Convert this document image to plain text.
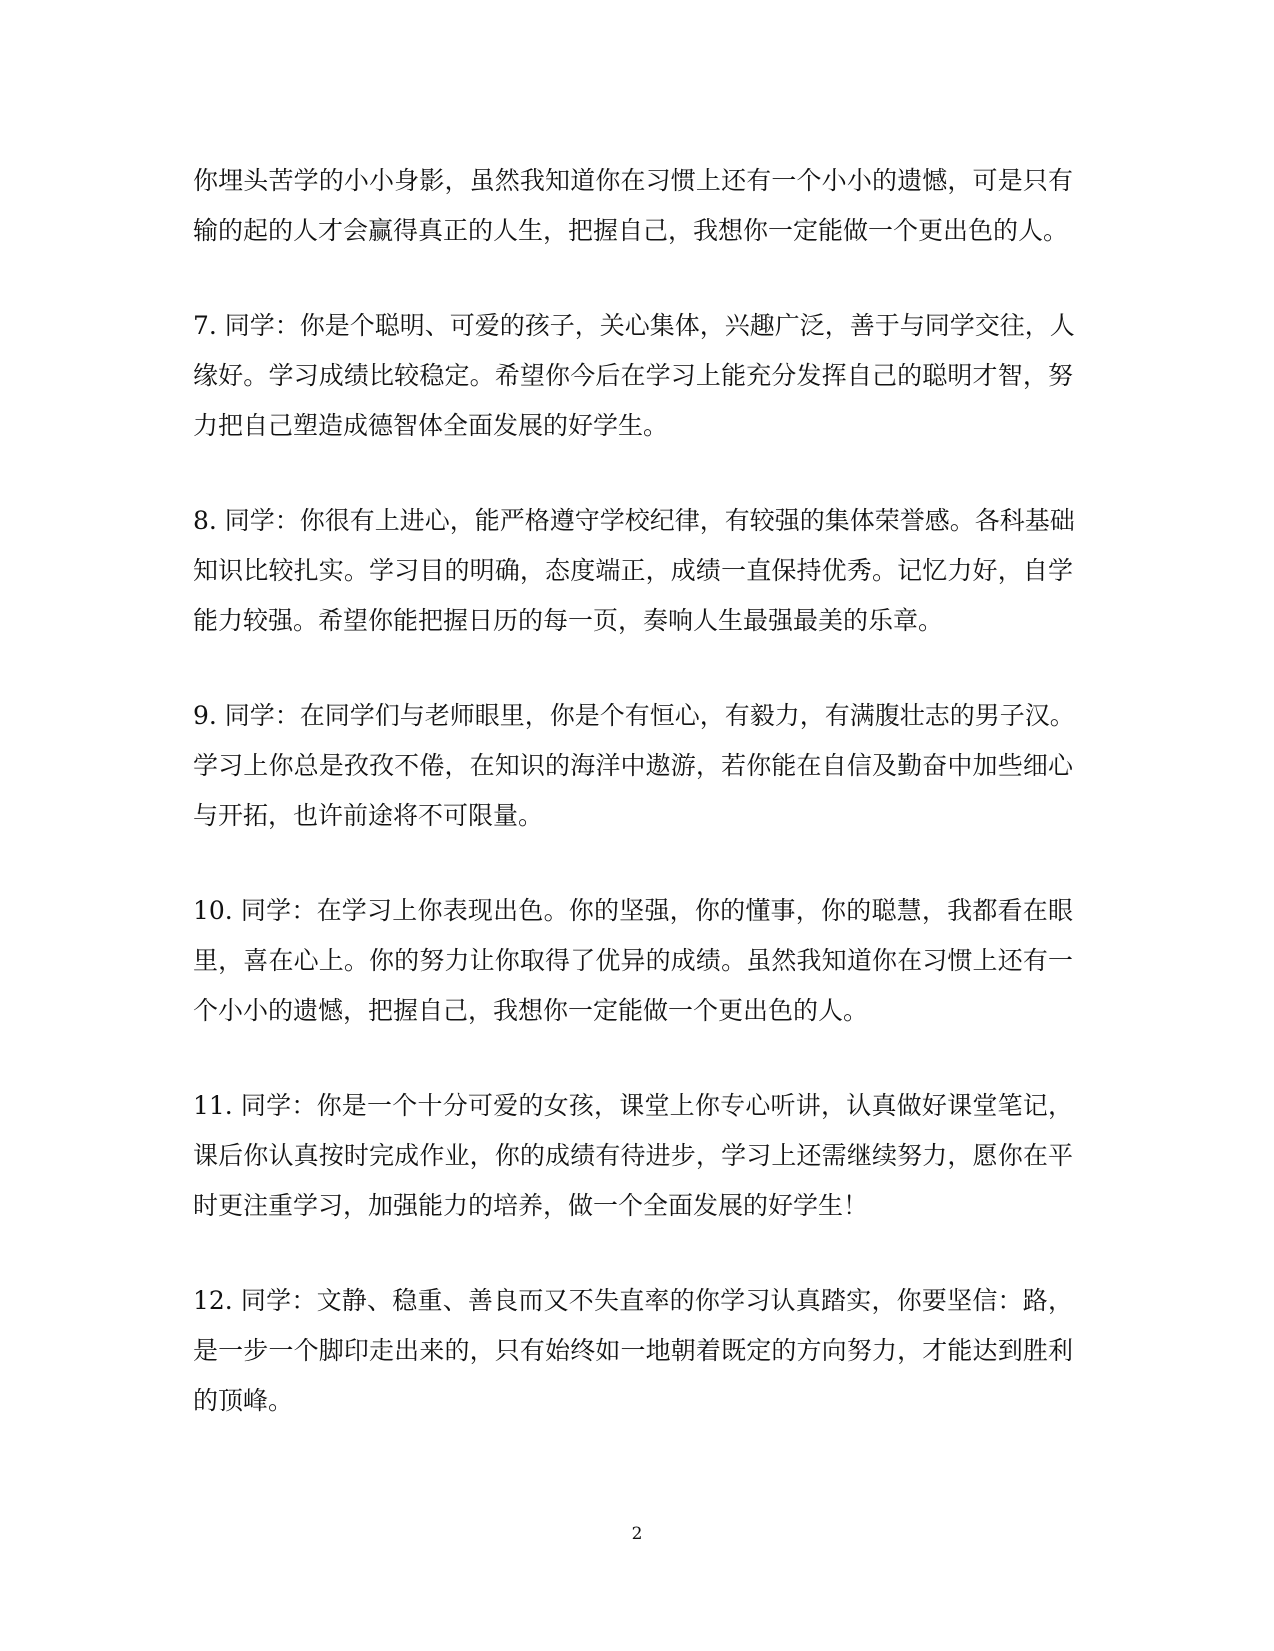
你埋头苦学的小小身影，虽然我知道你在习惯上还有一个小小的遗憾，可是只有
输的起的人才会赢得真正的人生，把握自己，我想你一定能做一个更出色的人。

7. 同学：你是个聪明、可爱的孩子，关心集体，兴趣广泛，善于与同学交往，人
缘好。学习成绩比较稳定。希望你今后在学习上能充分发挥自己的聪明才智，努
力把自己塑造成德智体全面发展的好学生。

8. 同学：你很有上进心，能严格遵守学校纪律，有较强的集体荣誉感。各科基础
知识比较扎实。学习目的明确，态度端正，成绩一直保持优秀。记忆力好，自学
能力较强。希望你能把握日历的每一页，奏响人生最强最美的乐章。

9. 同学：在同学们与老师眼里，你是个有恒心，有毅力，有满腹壮志的男子汉。
学习上你总是孜孜不倦，在知识的海洋中遨游，若你能在自信及勤奋中加些细心
与开拓，也许前途将不可限量。

10. 同学：在学习上你表现出色。你的坚强，你的懂事，你的聪慧，我都看在眼
里，喜在心上。你的努力让你取得了优异的成绩。虽然我知道你在习惯上还有一
个小小的遗憾，把握自己，我想你一定能做一个更出色的人。

11. 同学：你是一个十分可爱的女孩，课堂上你专心听讲，认真做好课堂笔记，
课后你认真按时完成作业，你的成绩有待进步，学习上还需继续努力，愿你在平
时更注重学习，加强能力的培养，做一个全面发展的好学生！

12. 同学：文静、稳重、善良而又不失直率的你学习认真踏实，你要坚信：路，
是一步一个脚印走出来的，只有始终如一地朝着既定的方向努力，才能达到胜利
的顶峰。

2
